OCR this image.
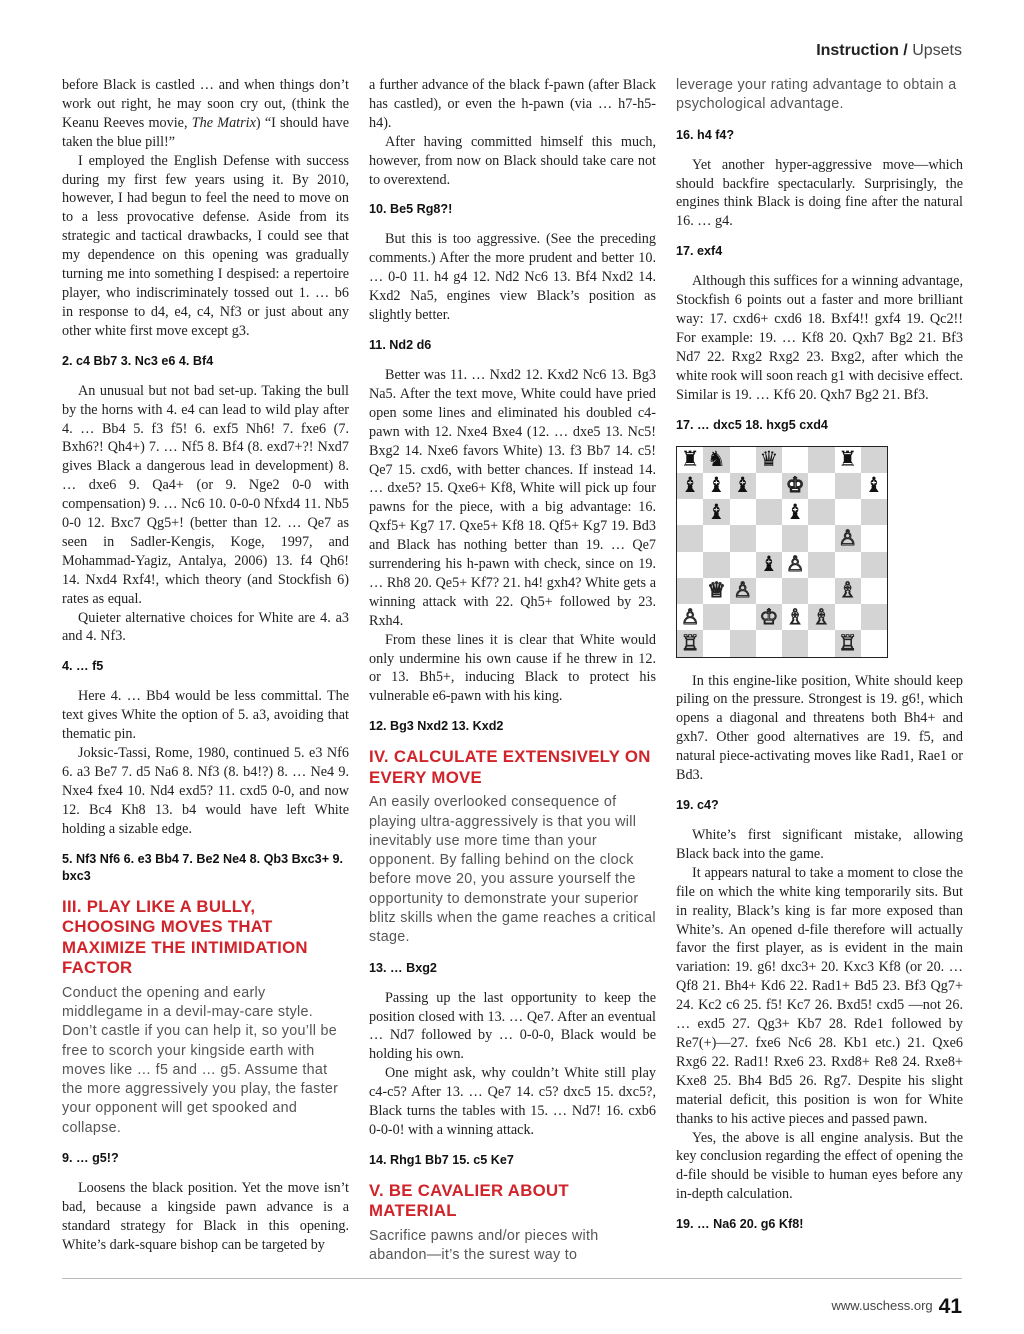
Instruction / Upsets
before Black is castled … and when things don’t work out right, he may soon cry out, (think the Keanu Reeves movie, The Matrix) “I should have taken the blue pill!”
I employed the English Defense with success during my first few years using it. By 2010, however, I had begun to feel the need to move on to a less provocative defense. Aside from its strategic and tactical drawbacks, I could see that my dependence on this opening was gradually turning me into something I despised: a repertoire player, who indiscriminately tossed out 1. … b6 in response to d4, e4, c4, Nf3 or just about any other white first move except g3.
2. c4 Bb7 3. Nc3 e6 4. Bf4
An unusual but not bad set-up. Taking the bull by the horns with 4. e4 can lead to wild play after 4. … Bb4 5. f3 f5! 6. exf5 Nh6! 7. fxe6 (7. Bxh6?! Qh4+) 7. … Nf5 8. Bf4 (8. exd7+?! Nxd7 gives Black a dangerous lead in development) 8. … dxe6 9. Qa4+ (or 9. Nge2 0-0 with compensation) 9. … Nc6 10. 0-0-0 Nfxd4 11. Nb5 0-0 12. Bxc7 Qg5+! (better than 12. … Qe7 as seen in Sadler-Kengis, Koge, 1997, and Mohammad-Yagiz, Antalya, 2006) 13. f4 Qh6! 14. Nxd4 Rxf4!, which theory (and Stockfish 6) rates as equal.
Quieter alternative choices for White are 4. a3 and 4. Nf3.
4. … f5
Here 4. … Bb4 would be less committal. The text gives White the option of 5. a3, avoiding that thematic pin.
Joksic-Tassi, Rome, 1980, continued 5. e3 Nf6 6. a3 Be7 7. d5 Na6 8. Nf3 (8. b4!?) 8. … Ne4 9. Nxe4 fxe4 10. Nd4 exd5? 11. cxd5 0-0, and now 12. Bc4 Kh8 13. b4 would have left White holding a sizable edge.
5. Nf3 Nf6 6. e3 Bb4 7. Be2 Ne4 8. Qb3 Bxc3+ 9. bxc3
III. PLAY LIKE A BULLY, CHOOSING MOVES THAT MAXIMIZE THE INTIMIDATION FACTOR
Conduct the opening and early middlegame in a devil-may-care style. Don’t castle if you can help it, so you’ll be free to scorch your kingside earth with moves like … f5 and … g5. Assume that the more aggressively you play, the faster your opponent will get spooked and collapse.
9. … g5!?
Loosens the black position. Yet the move isn’t bad, because a kingside pawn advance is a standard strategy for Black in this opening. White’s dark-square bishop can be targeted by
a further advance of the black f-pawn (after Black has castled), or even the h-pawn (via … h7-h5-h4).
After having committed himself this much, however, from now on Black should take care not to overextend.
10. Be5 Rg8?!
But this is too aggressive. (See the preceding comments.) After the more prudent and better 10. … 0-0 11. h4 g4 12. Nd2 Nc6 13. Bf4 Nxd2 14. Kxd2 Na5, engines view Black’s position as slightly better.
11. Nd2 d6
Better was 11. … Nxd2 12. Kxd2 Nc6 13. Bg3 Na5. After the text move, White could have pried open some lines and eliminated his doubled c4-pawn with 12. Nxe4 Bxe4 (12. … dxe5 13. Nc5! Bxg2 14. Nxe6 favors White) 13. f3 Bb7 14. c5! Qe7 15. cxd6, with better chances. If instead 14. … dxe5? 15. Qxe6+ Kf8, White will pick up four pawns for the piece, with a big advantage: 16. Qxf5+ Kg7 17. Qxe5+ Kf8 18. Qf5+ Kg7 19. Bd3 and Black has nothing better than 19. … Qe7 surrendering his h-pawn with check, since on 19. … Rh8 20. Qe5+ Kf7? 21. h4! gxh4? White gets a winning attack with 22. Qh5+ followed by 23. Rxh4.
From these lines it is clear that White would only undermine his own cause if he threw in 12. or 13. Bh5+, inducing Black to protect his vulnerable e6-pawn with his king.
12. Bg3 Nxd2 13. Kxd2
IV. CALCULATE EXTENSIVELY ON EVERY MOVE
An easily overlooked consequence of playing ultra-aggressively is that you will inevitably use more time than your opponent. By falling behind on the clock before move 20, you assure yourself the opportunity to demonstrate your superior blitz skills when the game reaches a critical stage.
13. … Bxg2
Passing up the last opportunity to keep the position closed with 13. … Qe7. After an eventual … Nd7 followed by … 0-0-0, Black would be holding his own.
One might ask, why couldn’t White still play c4-c5? After 13. … Qe7 14. c5? dxc5 15. dxc5?, Black turns the tables with 15. … Nd7! 16. cxb6 0-0-0! with a winning attack.
14. Rhg1 Bb7 15. c5 Ke7
V. BE CAVALIER ABOUT MATERIAL
Sacrifice pawns and/or pieces with abandon—it’s the surest way to
leverage your rating advantage to obtain a psychological advantage.
16. h4 f4?
Yet another hyper-aggressive move—which should backfire spectacularly. Surprisingly, the engines think Black is doing fine after the natural 16. … g4.
17. exf4
Although this suffices for a winning advantage, Stockfish 6 points out a faster and more brilliant way: 17. cxd6+ cxd6 18. Bxf4!! gxf4 19. Qc2!! For example: 19. … Kf8 20. Qxh7 Bg2 21. Bf3 Nd7 22. Rxg2 Rxg2 23. Bxg2, after which the white rook will soon reach g1 with decisive effect. Similar is 19. … Kf6 20. Qxh7 Bg2 21. Bf3.
17. … dxc5 18. hxg5 cxd4
♜ ♞ ♛	♜
♝ ♝ ♝ ♚	♝
♝	♝
♙
♝ ♙
♕ ♙	♗
♙	♔ ♗ ♗
♖	♖
In this engine-like position, White should keep piling on the pressure. Strongest is 19. g6!, which opens a diagonal and threatens both Bh4+ and gxh7. Other good alternatives are 19. f5, and natural piece-activating moves like Rad1, Rae1 or Bd3.
19. c4?
White’s first significant mistake, allowing Black back into the game.
It appears natural to take a moment to close the file on which the white king temporarily sits. But in reality, Black’s king is far more exposed than White’s. An opened d-file therefore will actually favor the first player, as is evident in the main variation: 19. g6! dxc3+ 20. Kxc3 Kf8 (or 20. … Qf8 21. Bh4+ Kd6 22. Rad1+ Bd5 23. Bf3 Qg7+ 24. Kc2 c6 25. f5! Kc7 26. Bxd5! cxd5 —not 26. … exd5 27. Qg3+ Kb7 28. Rde1 followed by Re7(+)—27. fxe6 Nc6 28. Kb1 etc.) 21. Qxe6 Rxg6 22. Rad1! Rxe6 23. Rxd8+ Re8 24. Rxe8+ Kxe8 25. Bh4 Bd5 26. Rg7. Despite his slight material deficit, this position is won for White thanks to his active pieces and passed pawn.
Yes, the above is all engine analysis. But the key conclusion regarding the effect of opening the d-file should be visible to human eyes before any in-depth calculation.
19. … Na6 20. g6 Kf8!
www.uschess.org 41
